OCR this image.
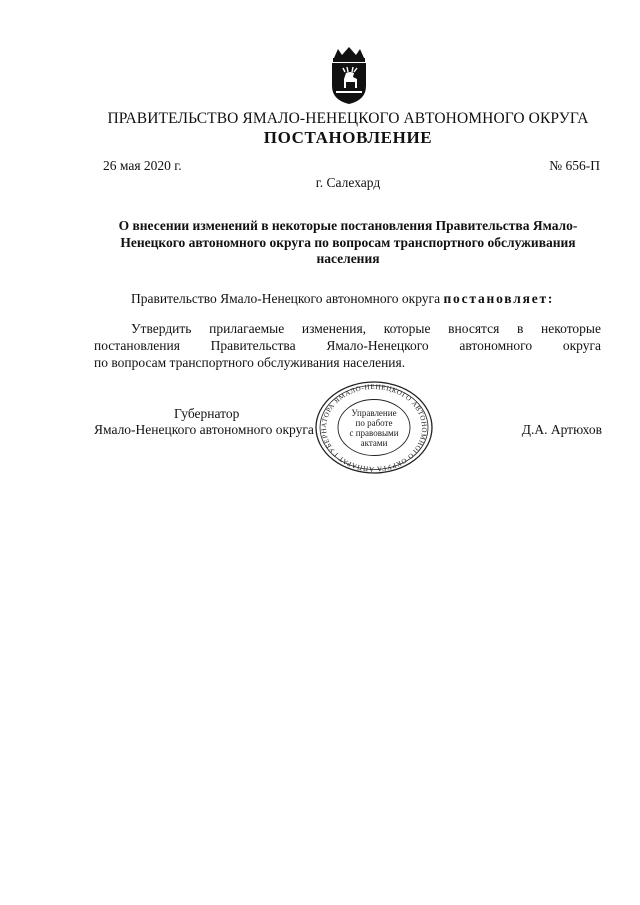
ПРАВИТЕЛЬСТВО ЯМАЛО-НЕНЕЦКОГО АВТОНОМНОГО ОКРУГА
ПОСТАНОВЛЕНИЕ
26 мая 2020 г.	№ 656-П
г. Салехард
О внесении изменений в некоторые постановления Правительства Ямало-Ненецкого автономного округа по вопросам транспортного обслуживания населения
Правительство Ямало-Ненецкого автономного округа постановляет:

Утвердить прилагаемые изменения, которые вносятся в некоторые постановления Правительства Ямало-Ненецкого автономного округа

по вопросам транспортного обслуживания населения.

Губернатор
Ямало-Ненецкого автономного округа	Д.А. Артюхов
АППАРАТ ГУБЕРНАТОРА ЯМАЛО-НЕНЕЦКОГО АВТОНОМНОГО ОКРУГА
Управление
по работе
с правовыми
актами
